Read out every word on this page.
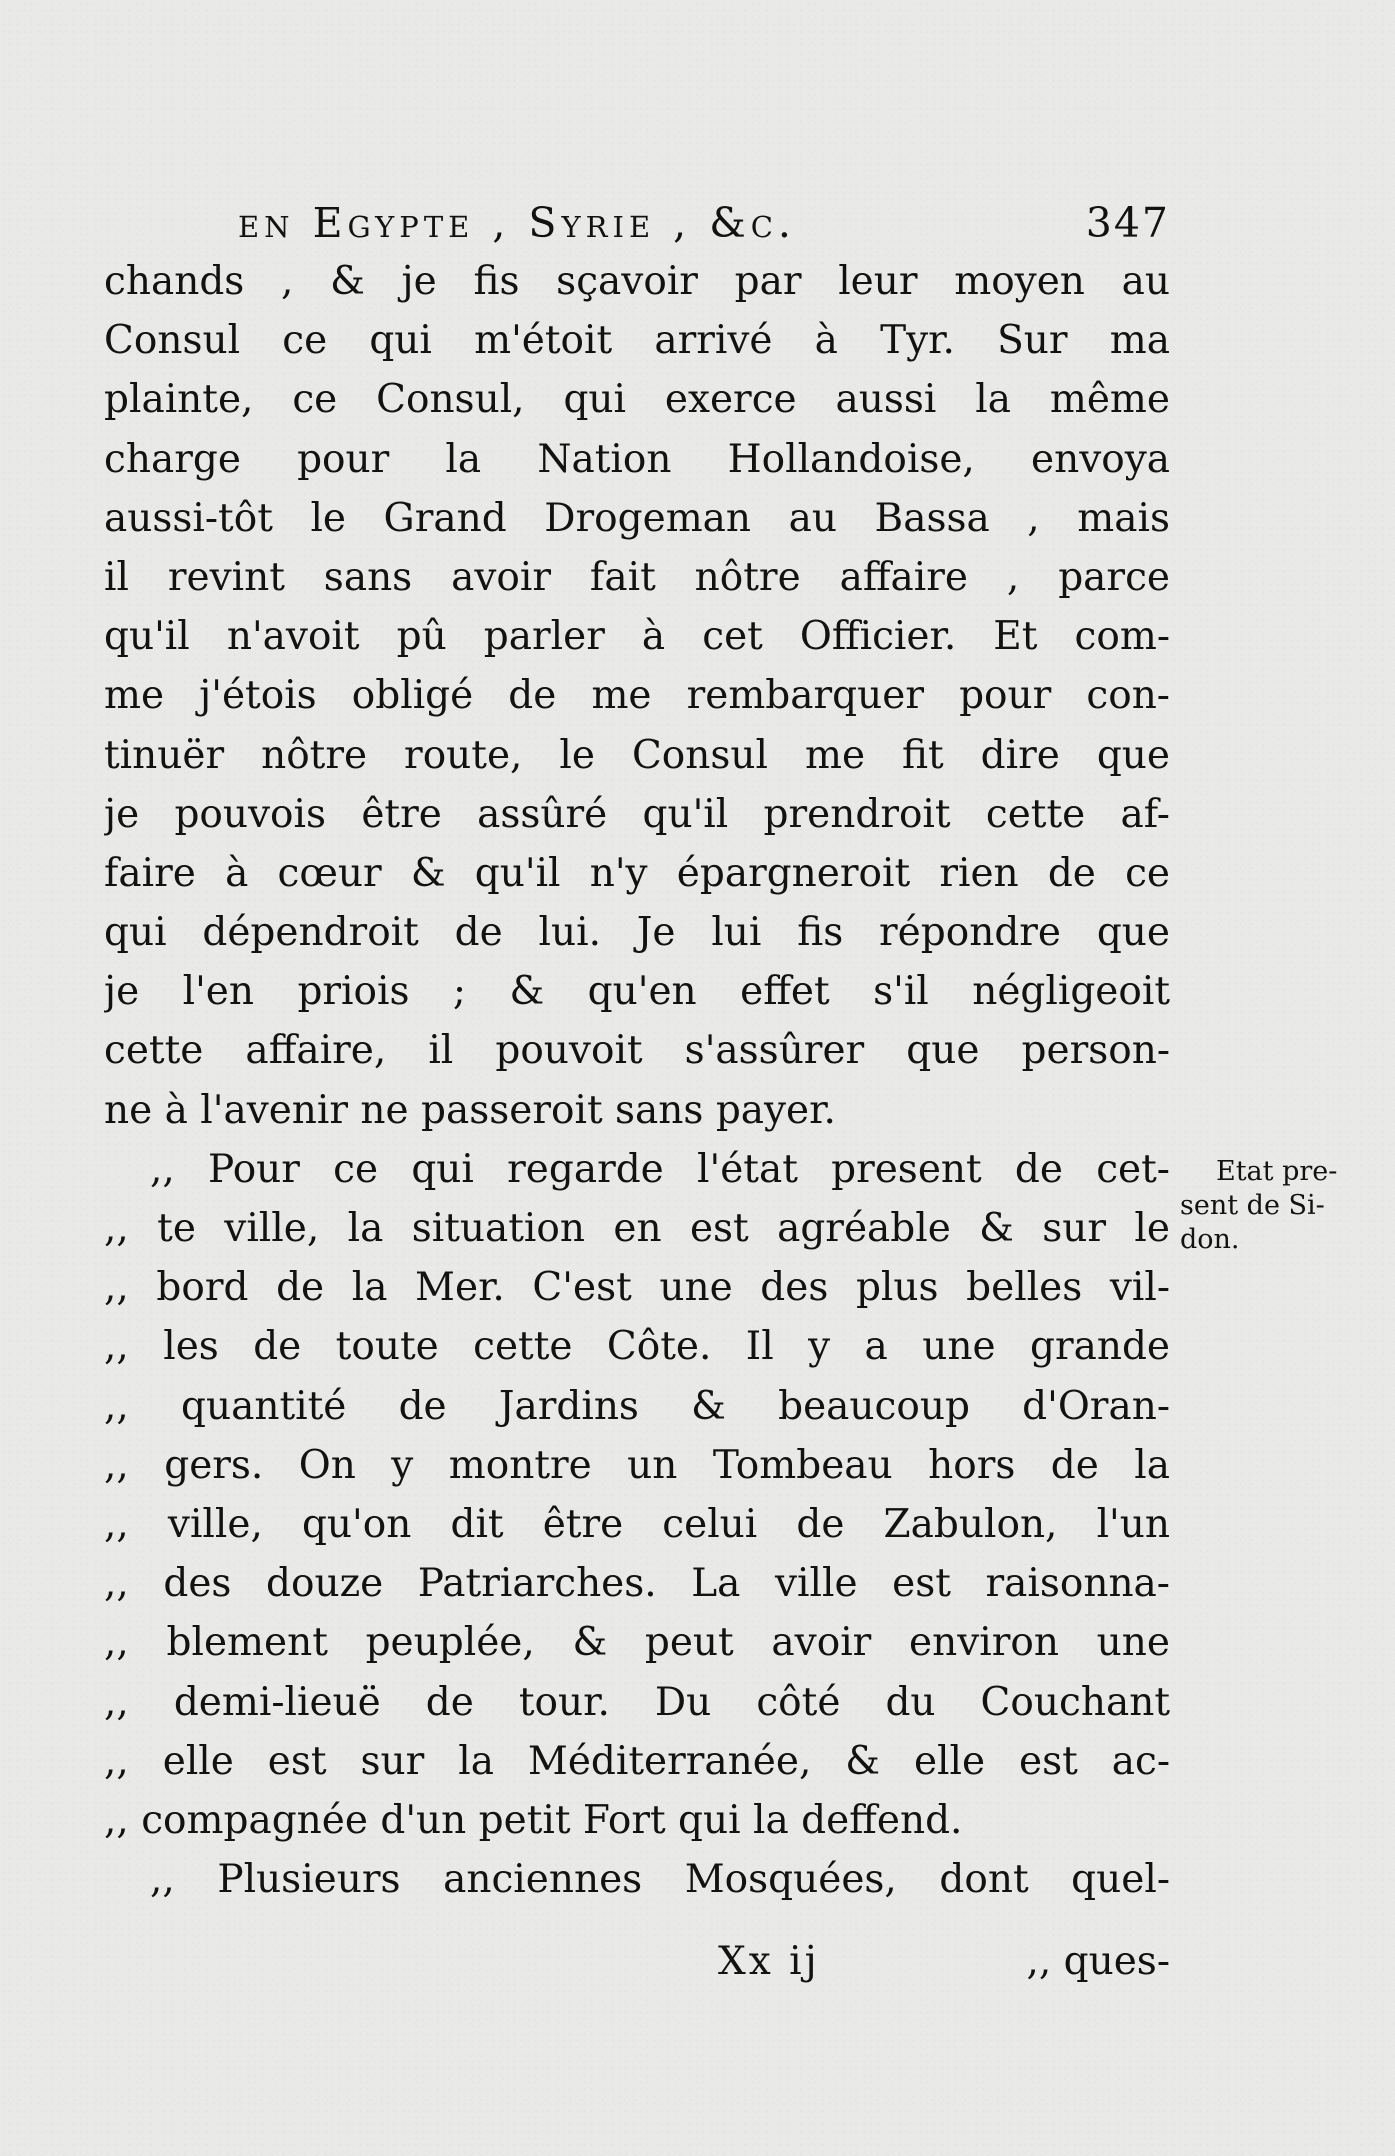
en Egypte , Syrie , &c.	347
chands , & je fis sçavoir par leur moyen au
Consul ce qui m'étoit arrivé à Tyr. Sur ma
plainte, ce Consul, qui exerce aussi la même
charge pour la Nation Hollandoise, envoya
aussi-tôt le Grand Drogeman au Bassa , mais
il revint sans avoir fait nôtre affaire , parce
qu'il n'avoit pû parler à cet Officier. Et com-
me j'étois obligé de me rembarquer pour con-
tinuër nôtre route, le Consul me fit dire que
je pouvois être assûré qu'il prendroit cette af-
faire à cœur & qu'il n'y épargneroit rien de ce
qui dépendroit de lui. Je lui fis répondre que
je l'en priois ; & qu'en effet s'il négligeoit
cette affaire, il pouvoit s'assûrer que person-
ne à l'avenir ne passeroit sans payer.
,, Pour ce qui regarde l'état present de cet-
,, te ville, la situation en est agréable & sur le
,, bord de la Mer. C'est une des plus belles vil-
,, les de toute cette Côte. Il y a une grande
,, quantité de Jardins & beaucoup d'Oran-
,, gers. On y montre un Tombeau hors de la
,, ville, qu'on dit être celui de Zabulon, l'un
,, des douze Patriarches. La ville est raisonna-
,, blement peuplée, & peut avoir environ une
,, demi-lieuë de tour. Du côté du Couchant
,, elle est sur la Méditerranée, & elle est ac-
,, compagnée d'un petit Fort qui la deffend.
,, Plusieurs anciennes Mosquées, dont quel-
Etat pre-
sent de Si-
don.
Xx ij	,, ques-
